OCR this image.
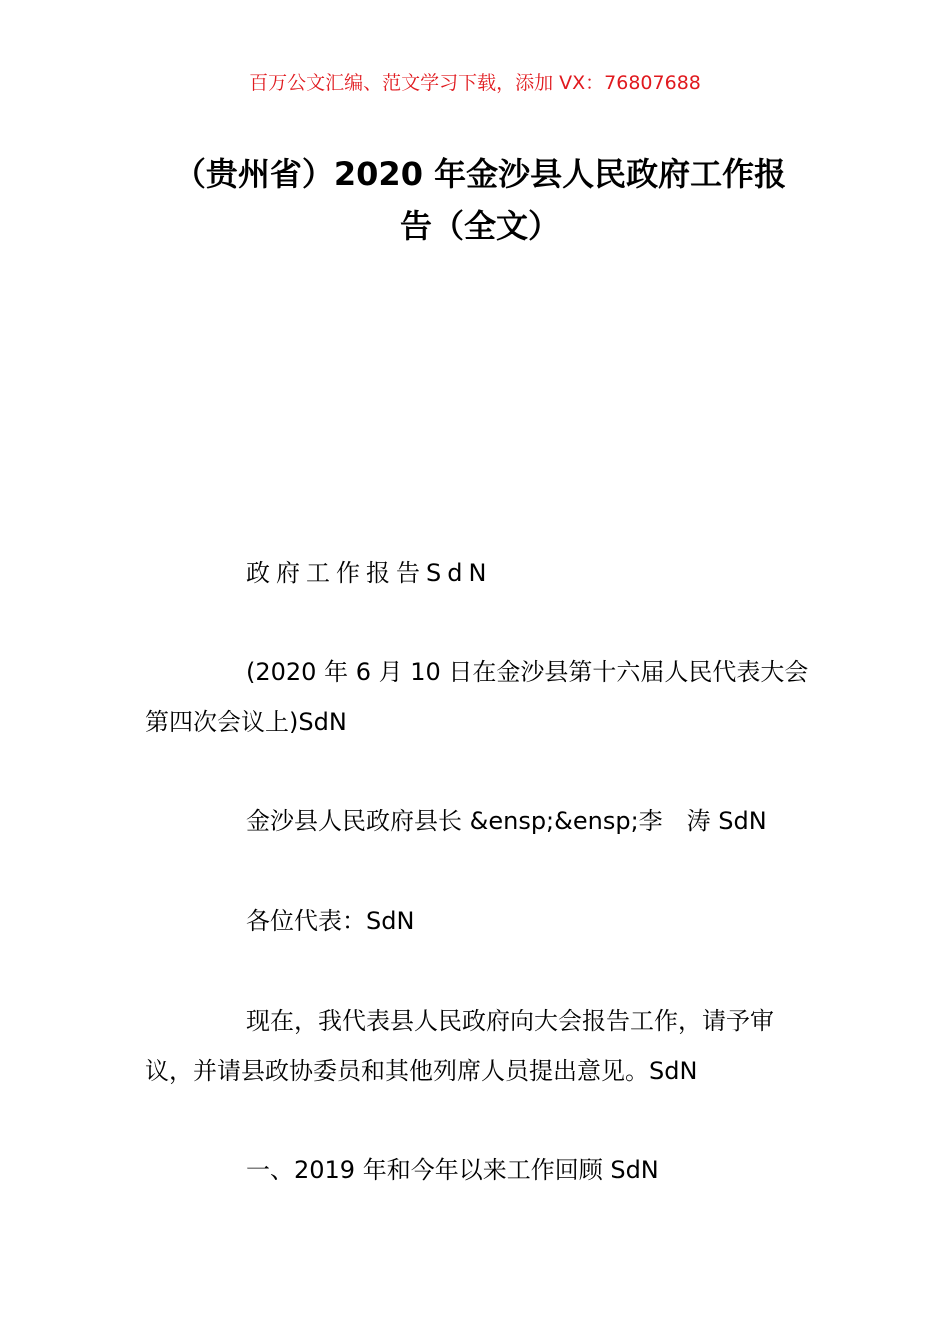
百万公文汇编、范文学习下载，添加 VX：76807688
（贵州省）2020 年金沙县人民政府工作报
告（全文）

政府工作报告SdN

(2020 年 6 月 10 日在金沙县第十六届人民代表大会第四次会议上)SdN

金沙县人民政府县长 &ensp;&ensp;李　涛 SdN

各位代表：SdN

现在，我代表县人民政府向大会报告工作，请予审议，并请县政协委员和其他列席人员提出意见。SdN

一、2019 年和今年以来工作回顾 SdN
